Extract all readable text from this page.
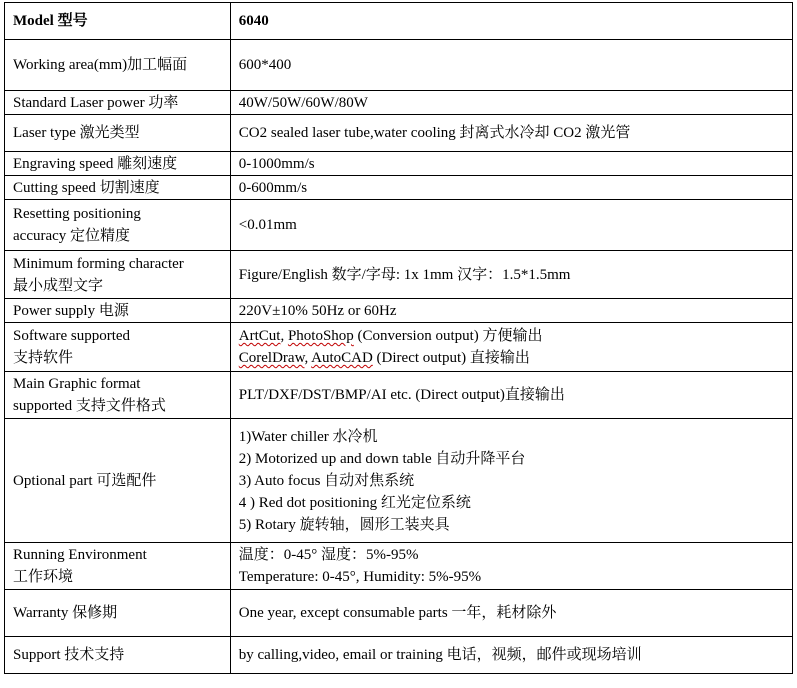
Model 型号	6040

Working area(mm)加工幅面	600*400

Standard Laser power 功率	40W/50W/60W/80W

Laser type 激光类型	CO2 sealed laser tube,water cooling 封离式水冷却 CO2 激光管

Engraving speed 雕刻速度	0-1000mm/s

Cutting speed 切割速度	0-600mm/s

Resetting positioning
accuracy 定位精度	<0.01mm

Minimum forming character
最小成型文字	Figure/English 数字/字母: 1x 1mm 汉字：1.5*1.5mm

Power supply 电源	220V±10% 50Hz or 60Hz

Software supported
支持软件	ArtCut, PhotoShop (Conversion output) 方便输出
CorelDraw, AutoCAD (Direct output) 直接输出

Main Graphic format
supported 支持文件格式	PLT/DXF/DST/BMP/AI etc. (Direct output)直接输出

Optional part 可选配件	1)Water chiller 水冷机
2) Motorized up and down table 自动升降平台
3) Auto focus 自动对焦系统
4 ) Red dot positioning 红光定位系统
5) Rotary 旋转轴，圆形工装夹具

Running Environment
工作环境	温度：0-45° 湿度：5%-95%
Temperature: 0-45°, Humidity: 5%-95%

Warranty 保修期	One year, except consumable parts 一年，耗材除外

Support 技术支持	by calling,video, email or training 电话，视频，邮件或现场培训
